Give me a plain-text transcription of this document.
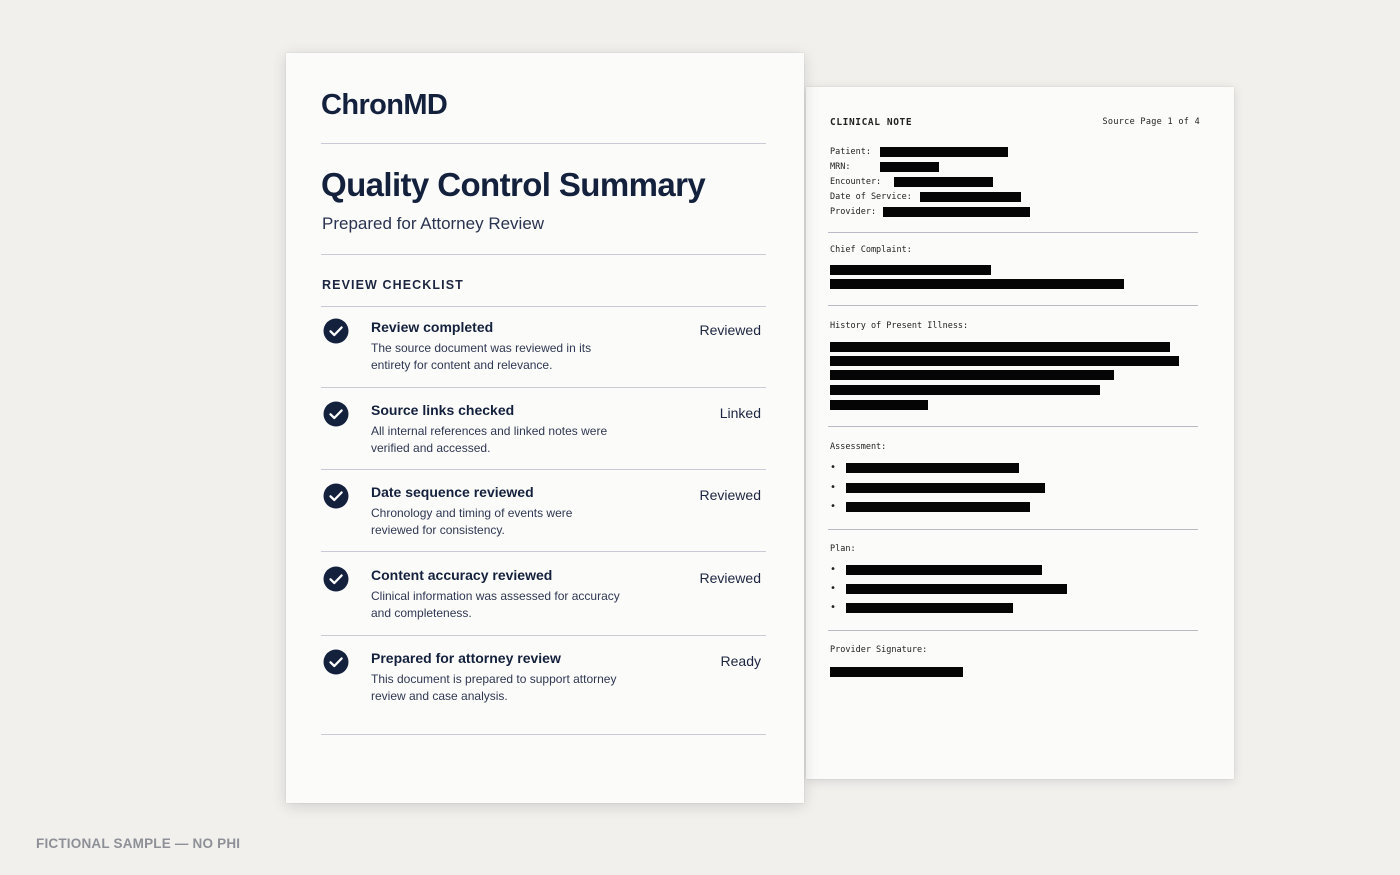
CLINICAL NOTE	Source Page 1 of 4
Patient:
MRN:
Encounter:
Date of Service:
Provider:
Chief Complaint:
History of Present Illness:
Assessment:
•
•
•
Plan:
•
•
•
Provider Signature:
ChronMD
Quality Control Summary
Prepared for Attorney Review
REVIEW CHECKLIST
Review completed
The source document was reviewed in its entirety for content and relevance.
Reviewed
Source links checked
All internal references and linked notes were verified and accessed.
Linked
Date sequence reviewed
Chronology and timing of events were reviewed for consistency.
Reviewed
Content accuracy reviewed
Clinical information was assessed for accuracy and completeness.
Reviewed
Prepared for attorney review
This document is prepared to support attorney review and case analysis.
Ready
FICTIONAL SAMPLE — NO PHI
